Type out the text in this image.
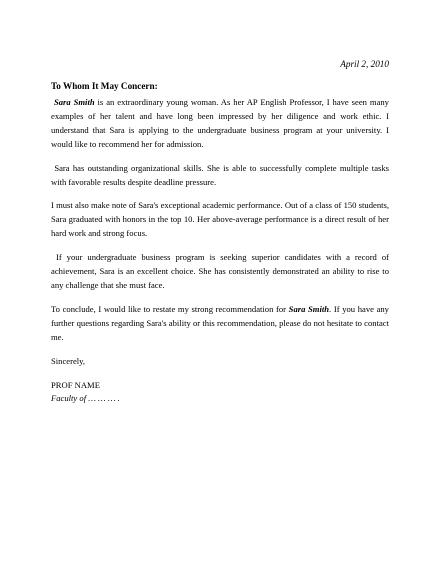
April 2, 2010
To Whom It May Concern:

Sara Smith is an extraordinary young woman. As her AP English Professor, I have seen many examples of her talent and have long been impressed by her diligence and work ethic. I understand that Sara is applying to the undergraduate business program at your university. I would like to recommend her for admission.

Sara has outstanding organizational skills. She is able to successfully complete multiple tasks with favorable results despite deadline pressure.

I must also make note of Sara's exceptional academic performance. Out of a class of 150 students, Sara graduated with honors in the top 10. Her above-average performance is a direct result of her hard work and strong focus.

If your undergraduate business program is seeking superior candidates with a record of achievement, Sara is an excellent choice. She has consistently demonstrated an ability to rise to any challenge that she must face.

To conclude, I would like to restate my strong recommendation for Sara Smith. If you have any further questions regarding Sara's ability or this recommendation, please do not hesitate to contact me.

Sincerely,
PROF NAME
Faculty of … … … .
